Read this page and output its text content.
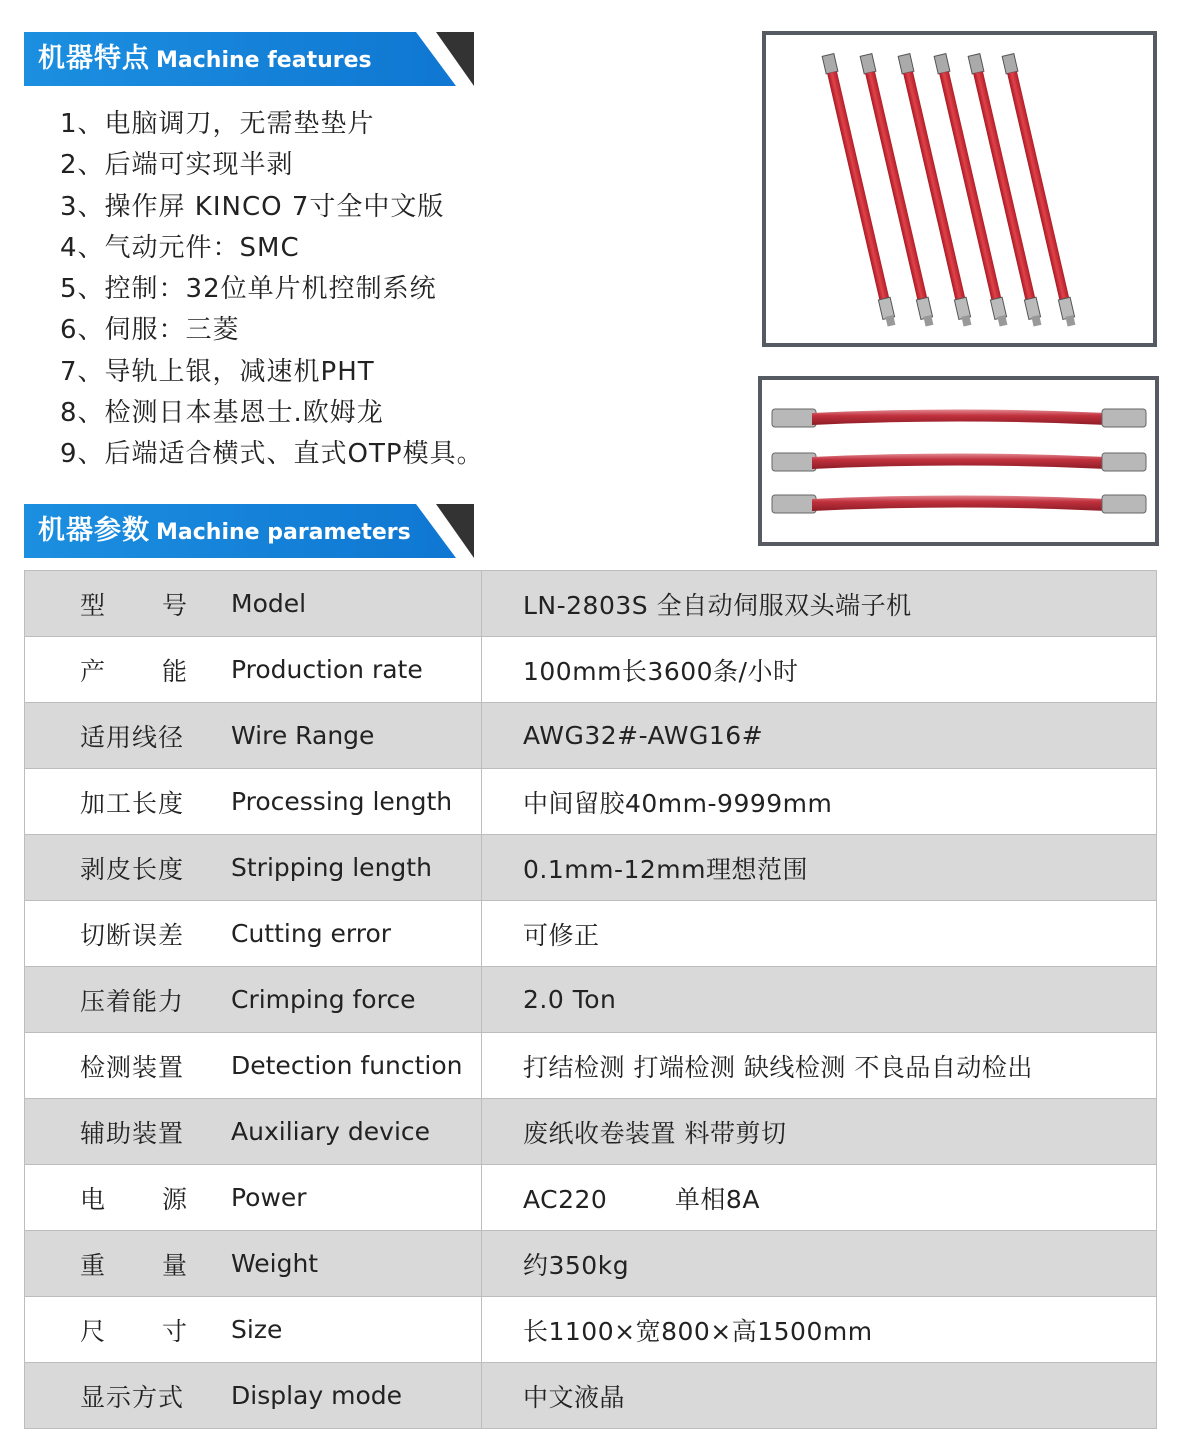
机器特点 Machine features
1、电脑调刀，无需垫垫片
2、后端可实现半剥
3、操作屏 KINCO 7寸全中文版
4、气动元件：SMC
5、控制：32位单片机控制系统
6、伺服：三菱
7、导轨上银，减速机PHT
8、检测日本基恩士.欧姆龙
9、后端适合横式、直式OTP模具。
机器参数 Machine parameters
型 号	Model	LN-2803S 全自动伺服双头端子机

产 能	Production rate	100mm长3600条/小时
适用线径	Wire Range	AWG32#-AWG16#
加工长度	Processing length	中间留胶40mm-9999mm
剥皮长度	Stripping length	0.1mm-12mm理想范围
切断误差	Cutting error	可修正
压着能力	Crimping force	2.0 Ton
检测装置	Detection function	打结检测 打端检测 缺线检测 不良品自动检出
辅助装置	Auxiliary device	废纸收卷装置 料带剪切

电 源	Power	AC220        单相8A

重 量	Weight	约350kg

尺 寸	Size	长1100×宽800×高1500mm
显示方式	Display mode	中文液晶
